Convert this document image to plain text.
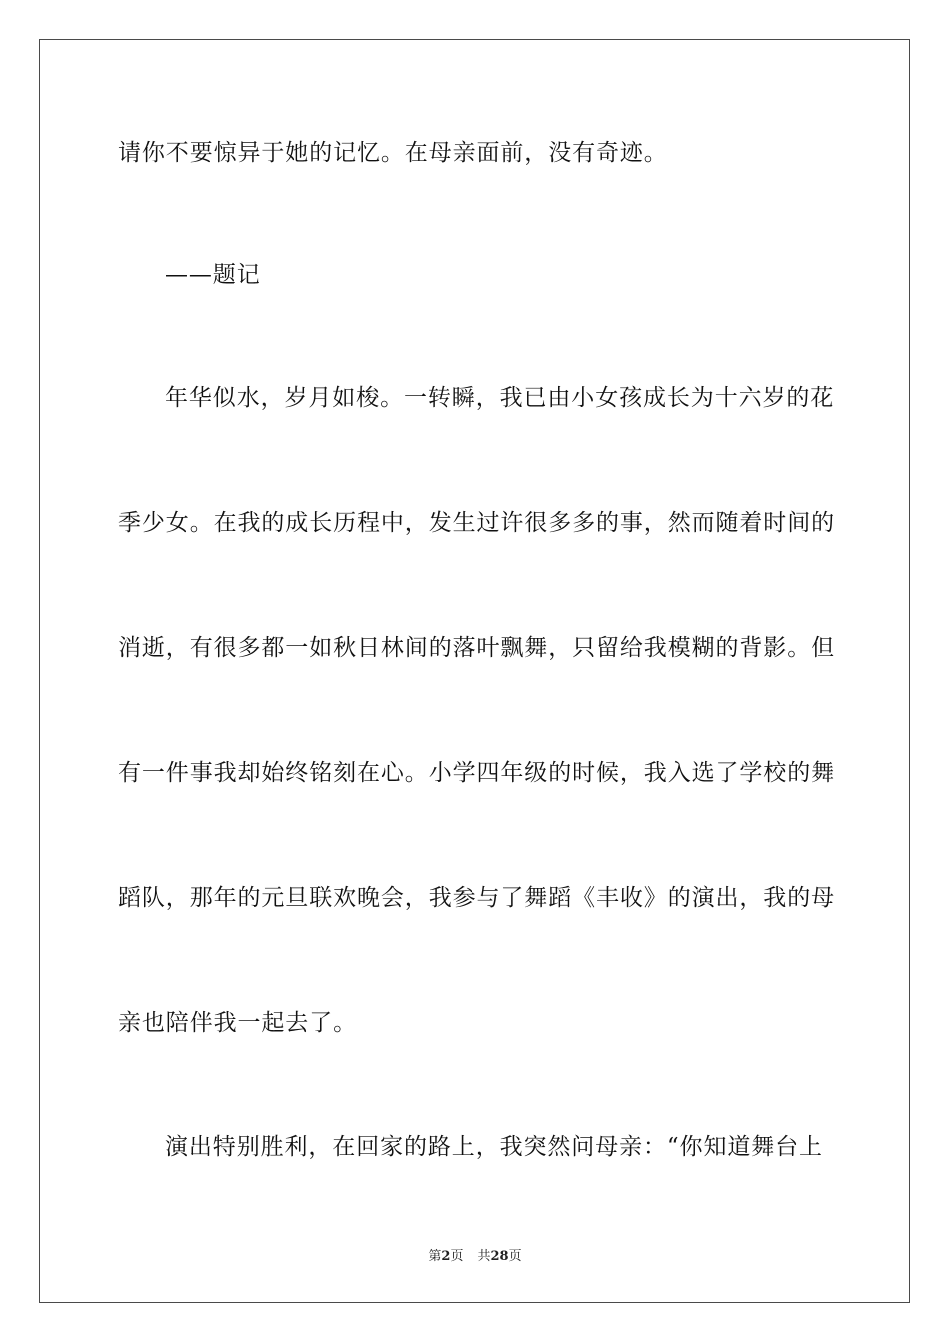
请你不要惊异于她的记忆。在母亲面前，没有奇迹。
——题记
年华似水，岁月如梭。一转瞬，我已由小女孩成长为十六岁的花
季少女。在我的成长历程中，发生过许很多多的事，然而随着时间的
消逝，有很多都一如秋日林间的落叶飘舞，只留给我模糊的背影。但
有一件事我却始终铭刻在心。小学四年级的时候，我入选了学校的舞
蹈队，那年的元旦联欢晚会，我参与了舞蹈《丰收》的演出，我的母
亲也陪伴我一起去了。
演出特别胜利，在回家的路上，我突然问母亲：“你知道舞台上
第2页 共28页
